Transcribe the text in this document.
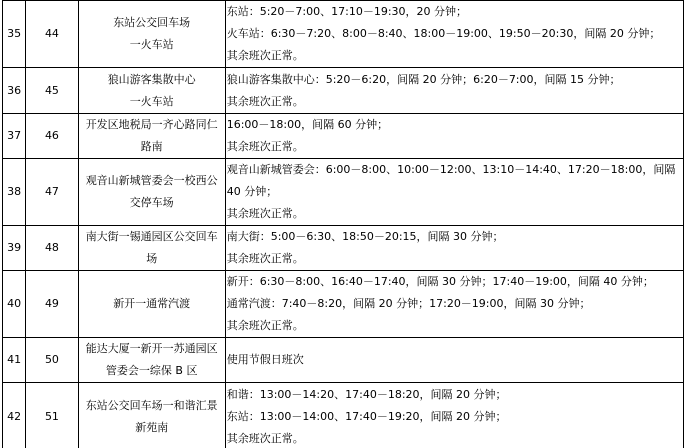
35	44	东站公交回车场
一火车站	东站：5:20－7:00、17:10－19:30，20 分钟；
火车站：6:30－7:20、8:00－8:40、18:00－19:00、19:50－20:30，间隔 20 分钟；
其余班次正常。

36	45	狼山游客集散中心
一火车站	狼山游客集散中心：5:20－6:20，间隔 20 分钟；6:20－7:00，间隔 15 分钟；
其余班次正常。

37	46	开发区地税局一齐心路同仁
路南	16:00－18:00，间隔 60 分钟；
其余班次正常。

38	47	观音山新城管委会一校西公
交停车场	观音山新城管委会：6:00－8:00、10:00－12:00、13:10－14:40、17:20－18:00，间隔
40 分钟；
其余班次正常。

39	48	南大街一锡通园区公交回车
场	南大街：5:00－6:30、18:50－20:15，间隔 30 分钟；
其余班次正常。

40	49	新开一通常汽渡	新开：6:30－8:00、16:40－17:40，间隔 30 分钟；17:40－19:00，间隔 40 分钟；
通常汽渡：7:40－8:20，间隔 20 分钟；17:20－19:00，间隔 30 分钟；
其余班次正常。

41	50	能达大厦一新开一苏通园区
管委会一综保 B 区	使用节假日班次

42	51	东站公交回车场一和谐汇景
新苑南	和谐：13:00－14:20、17:40－18:20，间隔 20 分钟；
东站：13:00－14:00、17:40－19:20，间隔 20 分钟；
其余班次正常。
